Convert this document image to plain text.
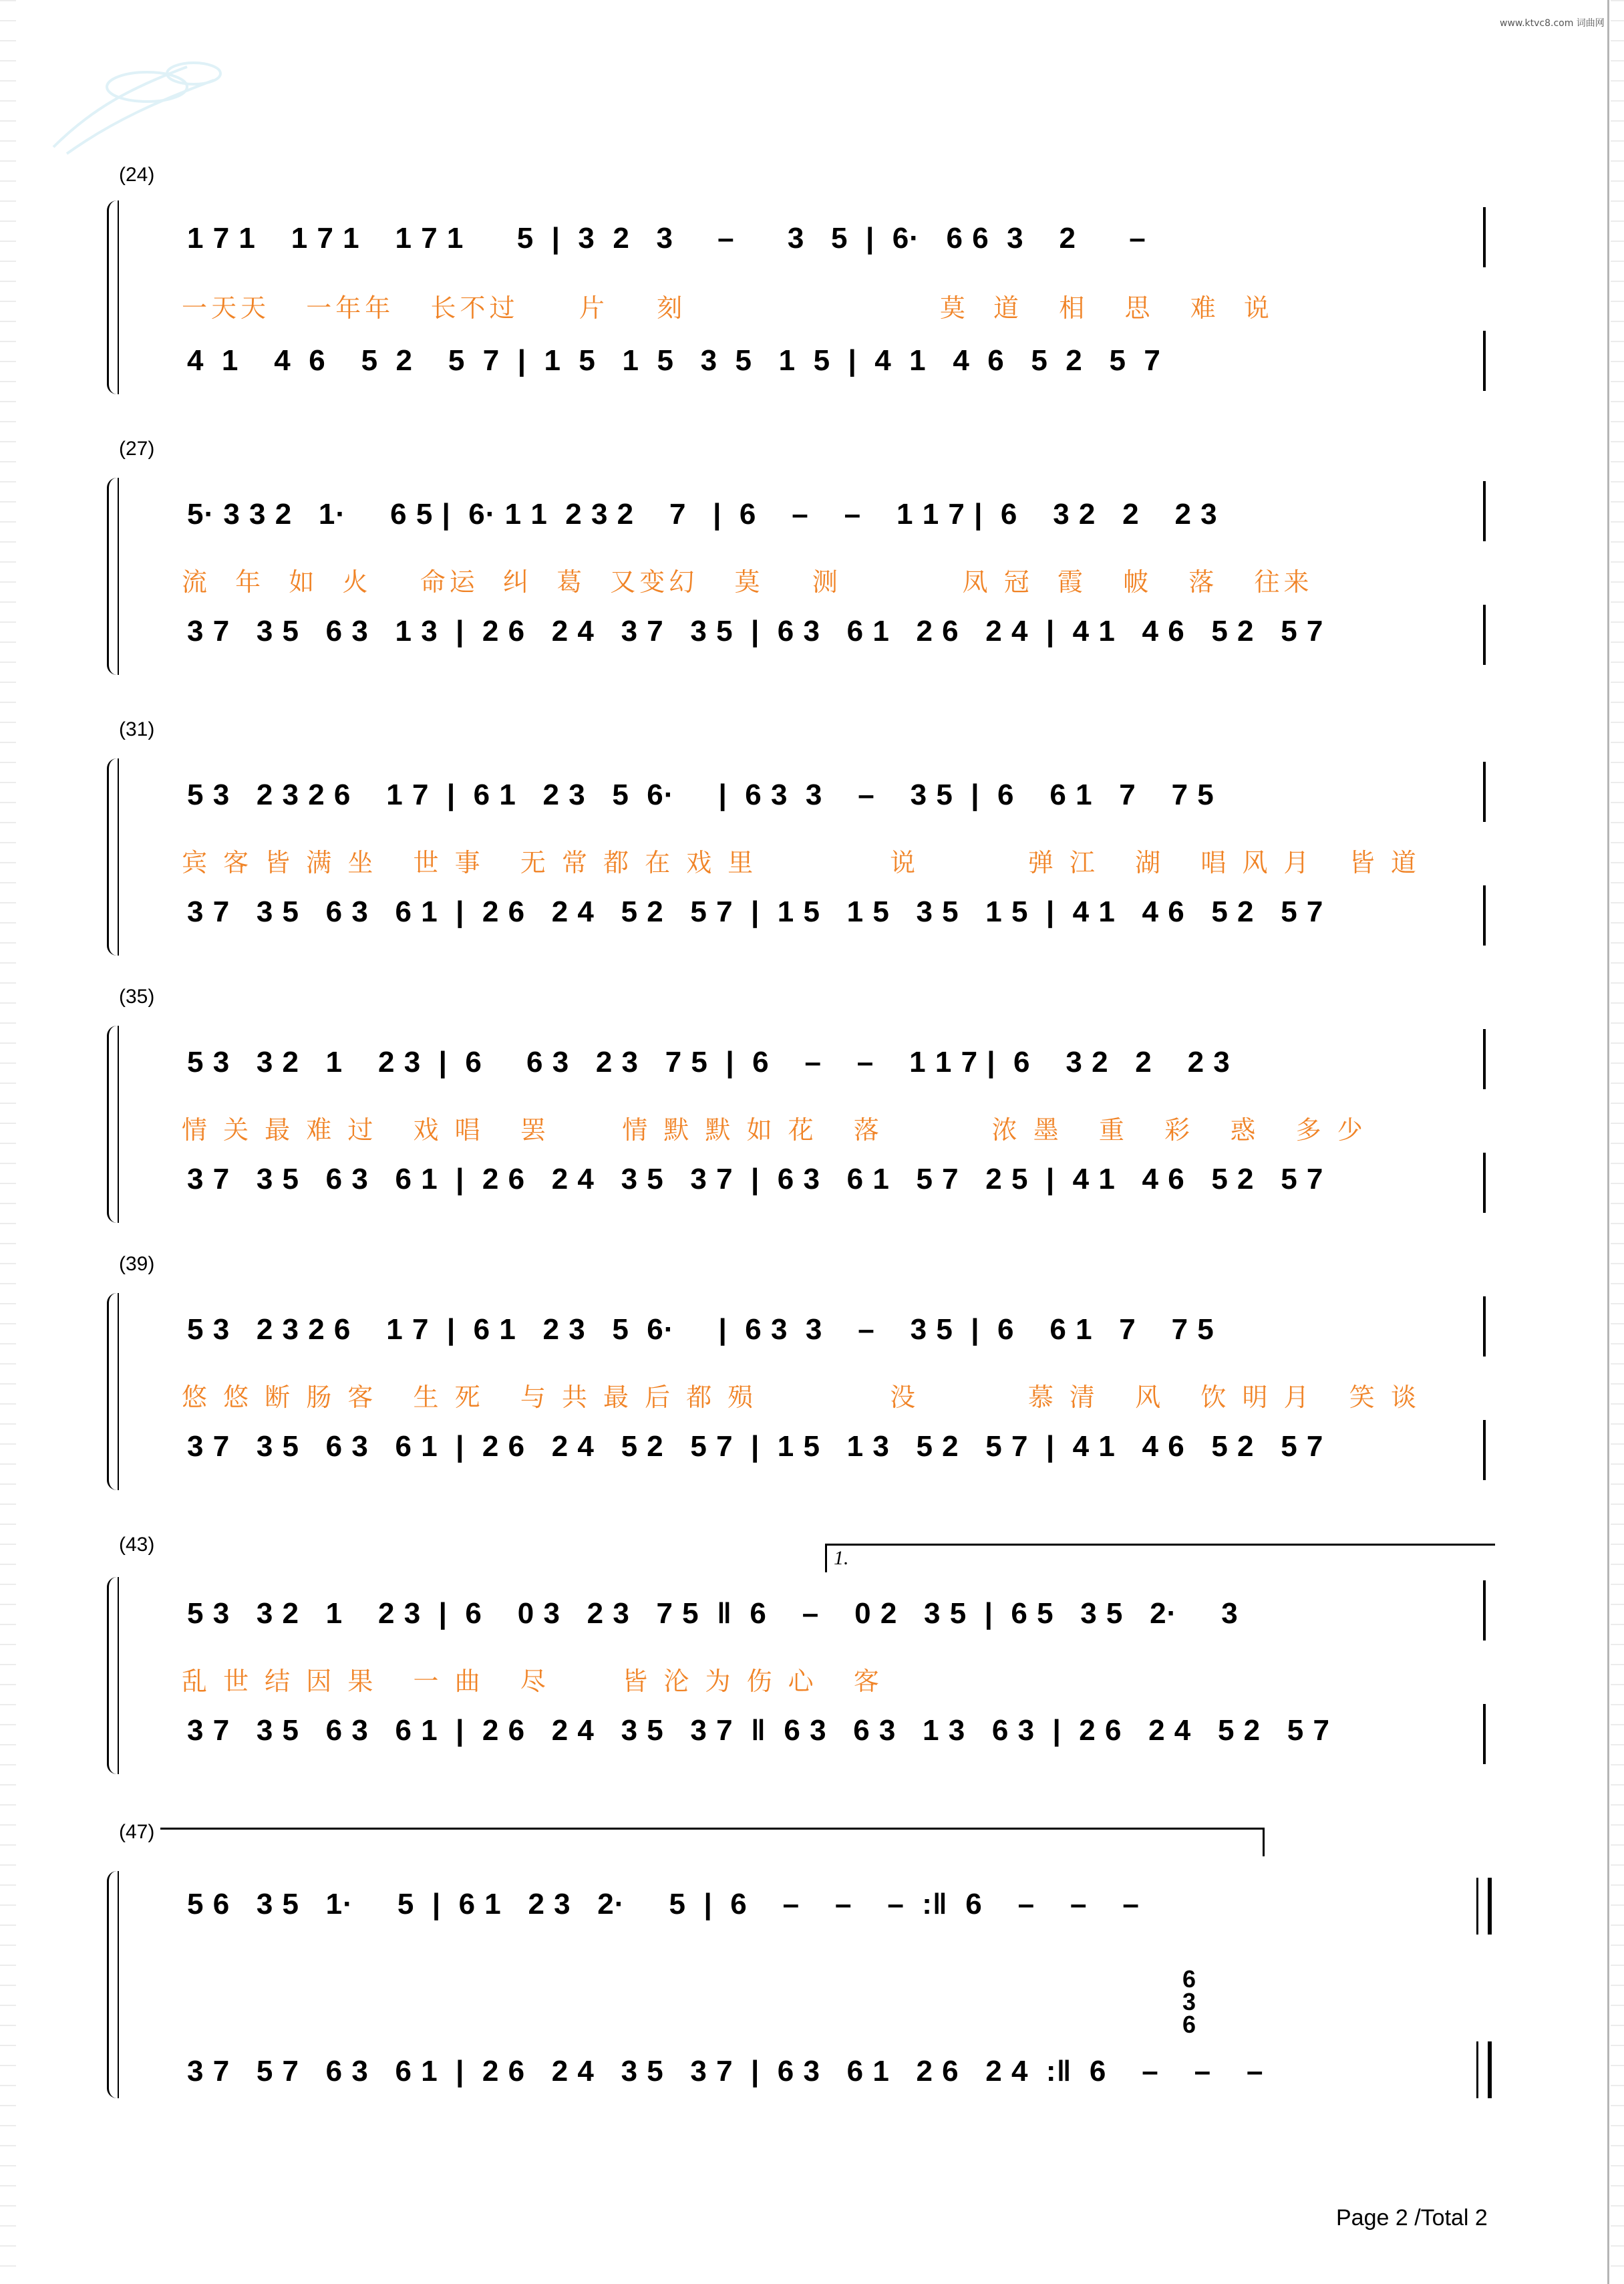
www.ktvc8.com 词曲网
(24)
1 7 1    1 7 1    1 7 1      5  |  3  2   3     –      3   5  |  6·   6 6  3    2      –
一天天   一年年   长不过     片    刻                     莫  道   相   思   难  说
4  1    4  6    5  2    5  7  |  1  5   1  5   3  5   1  5  |  4  1   4  6   5  2   5  7
(27)
5· 3 3 2   1·     6 5 |  6· 1 1  2 3 2    7   |  6    –    –    1 1 7 |  6    3 2   2    2 3
流  年  如  火    命运  纠  葛  又变幻   莫    测          凤 冠  霞   帔   落   往来
3 7   3 5   6 3   1 3  |  2 6   2 4   3 7   3 5  |  6 3   6 1   2 6   2 4  |  4 1   4 6   5 2   5 7
(31)
5 3   2 3 2 6    1 7  |  6 1   2 3   5  6·     |  6 3  3    –    3 5  |  6    6 1   7    7 5
宾 客 皆 满 坐   世 事   无 常 都 在 戏 里           说         弹 江   湖   唱 风 月   皆 道
3 7   3 5   6 3   6 1  |  2 6   2 4   5 2   5 7  |  1 5   1 5   3 5   1 5  |  4 1   4 6   5 2   5 7
(35)
5 3   3 2   1    2 3  |  6     6 3   2 3   7 5  |  6    –    –    1 1 7 |  6    3 2   2    2 3
情 关 最 难 过   戏 唱   罢      情 默 默 如 花   落         浓 墨   重   彩   惑   多 少
3 7   3 5   6 3   6 1  |  2 6   2 4   3 5   3 7  |  6 3   6 1   5 7   2 5  |  4 1   4 6   5 2   5 7
(39)
5 3   2 3 2 6    1 7  |  6 1   2 3   5  6·     |  6 3  3    –    3 5  |  6    6 1   7    7 5
悠 悠 断 肠 客   生 死   与 共 最 后 都 殒           没         慕 清   风   饮 明 月   笑 谈
3 7   3 5   6 3   6 1  |  2 6   2 4   5 2   5 7  |  1 5   1 3   5 2   5 7  |  4 1   4 6   5 2   5 7
(43)
1.
5 3   3 2   1    2 3  |  6    0 3   2 3   7 5  ‖  6    –    0 2   3 5  |  6 5   3 5   2·     3
乱 世 结 因 果   一 曲   尽      皆 沦 为 伤 心   客
3 7   3 5   6 3   6 1  |  2 6   2 4   3 5   3 7  ‖  6 3   6 3   1 3   6 3  |  2 6   2 4   5 2   5 7
(47)
5 6   3 5   1·     5  |  6 1   2 3   2·     5  |  6    –    –    –  :‖  6    –    –    –
6 3 6
3 7   5 7   6 3   6 1  |  2 6   2 4   3 5   3 7  |  6 3   6 1   2 6   2 4  :‖  6    –    –    –
Page 2 /Total 2
